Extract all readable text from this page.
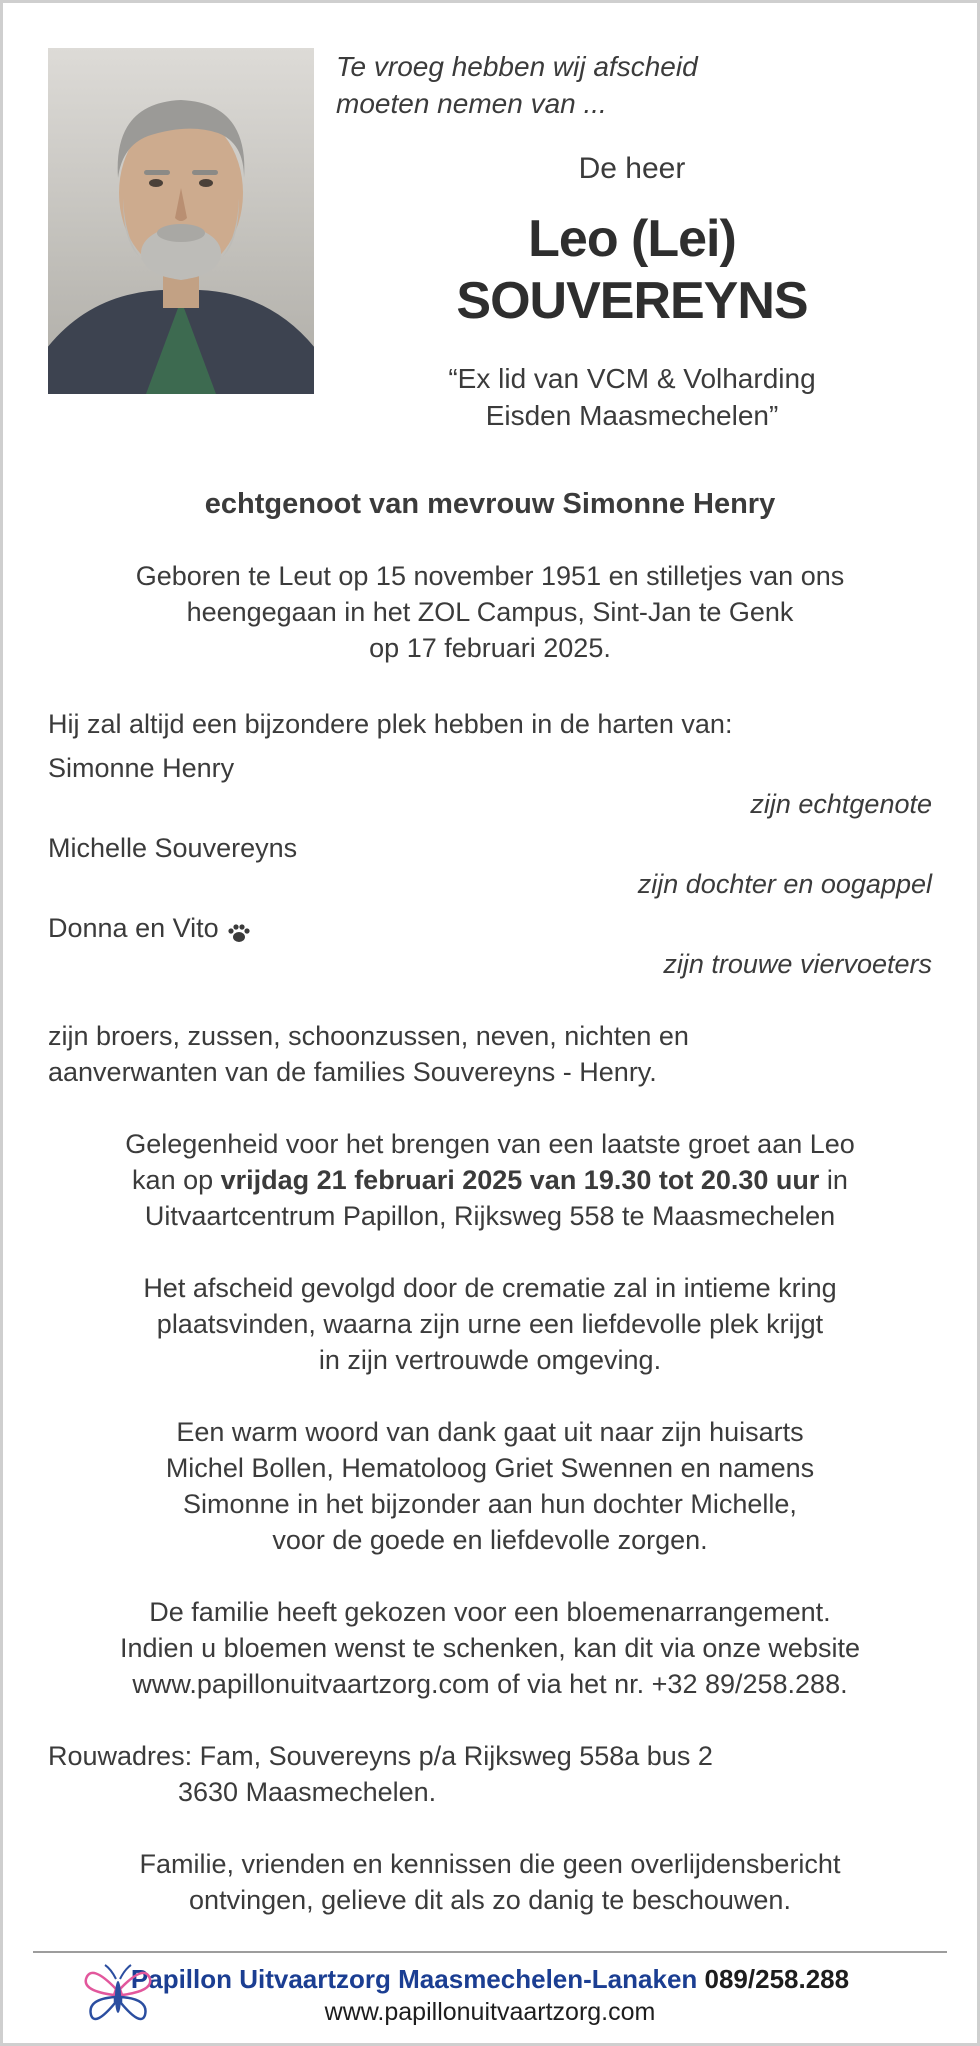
Te vroeg hebben wij afscheid
moeten nemen van ...
De heer
Leo (Lei)
SOUVEREYNS
“Ex lid van VCM & Volharding
Eisden Maasmechelen”
echtgenoot van mevrouw Simonne Henry
Geboren te Leut op 15 november 1951 en stilletjes van ons
heengegaan in het ZOL Campus, Sint-Jan te Genk
op 17 februari 2025.
Hij zal altijd een bijzondere plek hebben in de harten van:
Simonne Henry
zijn echtgenote
Michelle Souvereyns
zijn dochter en oogappel
Donna en Vito
zijn trouwe viervoeters
zijn broers, zussen, schoonzussen, neven, nichten en
aanverwanten van de families Souvereyns - Henry.
Gelegenheid voor het brengen van een laatste groet aan Leo
kan op vrijdag 21 februari 2025 van 19.30 tot 20.30 uur in
Uitvaartcentrum Papillon, Rijksweg 558 te Maasmechelen
Het afscheid gevolgd door de crematie zal in intieme kring
plaatsvinden, waarna zijn urne een liefdevolle plek krijgt
in zijn vertrouwde omgeving.
Een warm woord van dank gaat uit naar zijn huisarts
Michel Bollen, Hematoloog Griet Swennen en namens
Simonne in het bijzonder aan hun dochter Michelle,
voor de goede en liefdevolle zorgen.
De familie heeft gekozen voor een bloemenarrangement.
Indien u bloemen wenst te schenken, kan dit via onze website
www.papillonuitvaartzorg.com of via het nr. +32 89/258.288.
Rouwadres: Fam, Souvereyns p/a Rijksweg 558a bus 2
3630 Maasmechelen.
Familie, vrienden en kennissen die geen overlijdensbericht
ontvingen, gelieve dit als zo danig te beschouwen.
Papillon Uitvaartzorg Maasmechelen-Lanaken 089/258.288
www.papillonuitvaartzorg.com
